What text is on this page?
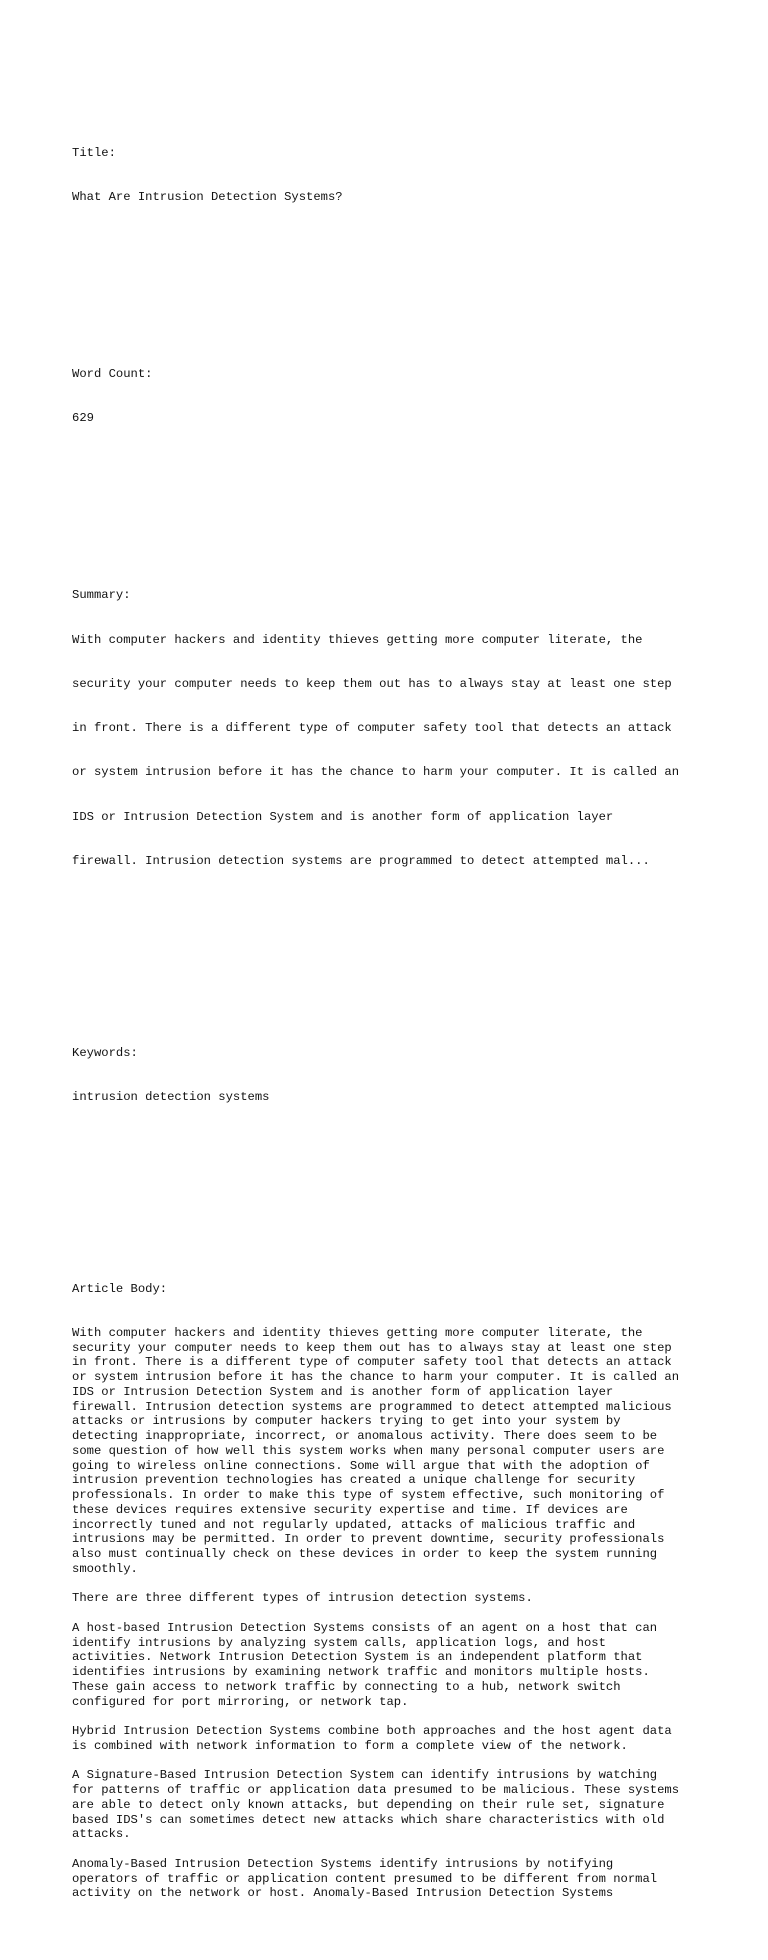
Title:

What Are Intrusion Detection Systems?

Word Count:

629

Summary:

With computer hackers and identity thieves getting more computer literate, the

security your computer needs to keep them out has to always stay at least one step

in front. There is a different type of computer safety tool that detects an attack

or system intrusion before it has the chance to harm your computer. It is called an

IDS or Intrusion Detection System and is another form of application layer

firewall. Intrusion detection systems are programmed to detect attempted mal...

Keywords:

intrusion detection systems

Article Body:

With computer hackers and identity thieves getting more computer literate, the
security your computer needs to keep them out has to always stay at least one step
in front. There is a different type of computer safety tool that detects an attack
or system intrusion before it has the chance to harm your computer. It is called an
IDS or Intrusion Detection System and is another form of application layer
firewall. Intrusion detection systems are programmed to detect attempted malicious
attacks or intrusions by computer hackers trying to get into your system by
detecting inappropriate, incorrect, or anomalous activity. There does seem to be
some question of how well this system works when many personal computer users are
going to wireless online connections. Some will argue that with the adoption of
intrusion prevention technologies has created a unique challenge for security
professionals. In order to make this type of system effective, such monitoring of
these devices requires extensive security expertise and time. If devices are
incorrectly tuned and not regularly updated, attacks of malicious traffic and
intrusions may be permitted. In order to prevent downtime, security professionals
also must continually check on these devices in order to keep the system running
smoothly.
There are three different types of intrusion detection systems.
A host-based Intrusion Detection Systems consists of an agent on a host that can
identify intrusions by analyzing system calls, application logs, and host
activities. Network Intrusion Detection System is an independent platform that
identifies intrusions by examining network traffic and monitors multiple hosts.
These gain access to network traffic by connecting to a hub, network switch
configured for port mirroring, or network tap.
Hybrid Intrusion Detection Systems combine both approaches and the host agent data
is combined with network information to form a complete view of the network.
A Signature-Based Intrusion Detection System can identify intrusions by watching
for patterns of traffic or application data presumed to be malicious. These systems
are able to detect only known attacks, but depending on their rule set, signature
based IDS's can sometimes detect new attacks which share characteristics with old
attacks.
Anomaly-Based Intrusion Detection Systems identify intrusions by notifying
operators of traffic or application content presumed to be different from normal
activity on the network or host. Anomaly-Based Intrusion Detection Systems
